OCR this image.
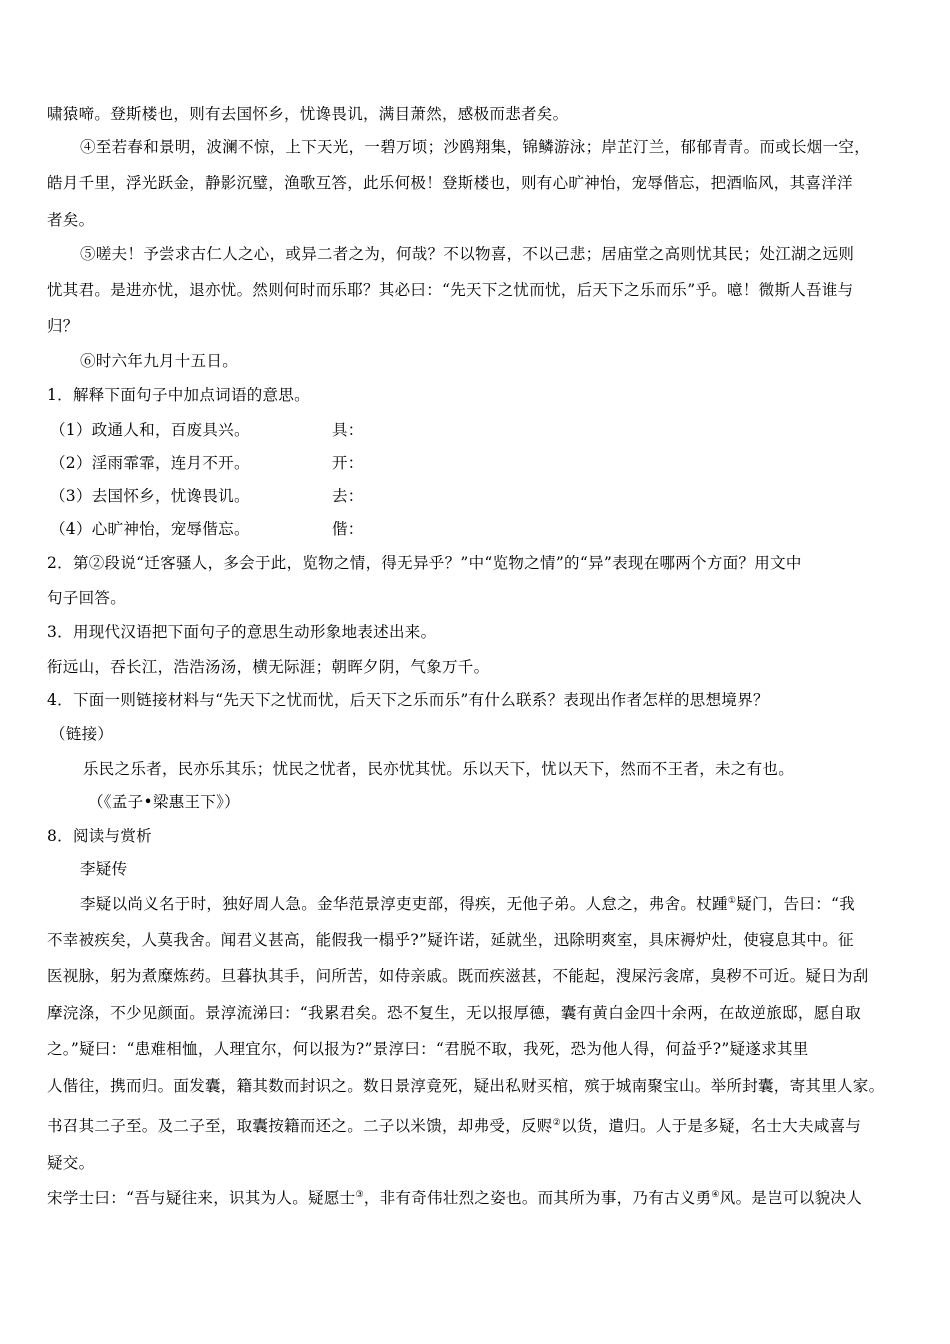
啸猿啼。登斯楼也，则有去国怀乡，忧谗畏讥，满目萧然，感极而悲者矣。
④至若春和景明，波澜不惊，上下天光，一碧万顷；沙鸥翔集，锦鳞游泳；岸芷汀兰，郁郁青青。而或长烟一空，
皓月千里，浮光跃金，静影沉璧，渔歌互答，此乐何极！登斯楼也，则有心旷神怡，宠辱偕忘，把酒临风，其喜洋洋
者矣。
⑤嗟夫！予尝求古仁人之心，或异二者之为，何哉？不以物喜，不以己悲；居庙堂之高则忧其民；处江湖之远则
忧其君。是进亦忧，退亦忧。然则何时而乐耶？其必曰：“先天下之忧而忧，后天下之乐而乐”乎。噫！微斯人吾谁与
归？
⑥时六年九月十五日。
1．解释下面句子中加点词语的意思。
（1）政通人和，百废具兴。	具：
（2）淫雨霏霏，连月不开。	开：
（3）去国怀乡，忧谗畏讥。	去：
（4）心旷神怡，宠辱偕忘。	偕：
2．第②段说“迁客骚人，多会于此，览物之情，得无异乎？”中“览物之情”的“异”表现在哪两个方面？用文中
句子回答。
3．用现代汉语把下面句子的意思生动形象地表述出来。
衔远山，吞长江，浩浩汤汤，横无际涯；朝晖夕阴，气象万千。
4．下面一则链接材料与“先天下之忧而忧，后天下之乐而乐”有什么联系？表现出作者怎样的思想境界？
（链接）
乐民之乐者，民亦乐其乐；忧民之忧者，民亦忧其忧。乐以天下，忧以天下，然而不王者，未之有也。
（《孟子•梁惠王下》）
8．阅读与赏析
李疑传
李疑以尚义名于时，独好周人急。金华范景淳吏吏部，得疾，无他子弟。人怠之，弗舍。杖踵①疑门，告曰：“我
不幸被疾矣，人莫我舍。闻君义甚高，能假我一榻乎?”疑许诺，延就坐，迅除明爽室，具床褥炉灶，使寝息其中。征
医视脉，躬为煮糜炼药。旦暮执其手，问所苦，如侍亲戚。既而疾滋甚，不能起，溲屎污衾席，臭秽不可近。疑日为刮
摩浣涤，不少见颜面。景淳流涕曰：“我累君矣。恐不复生，无以报厚德，囊有黄白金四十余两，在故逆旅邸，愿自取
之。”疑曰：“患难相恤，人理宜尔，何以报为?”景淳曰：“君脱不取，我死，恐为他人得，何益乎?”疑遂求其里
人偕往，携而归。面发囊，籍其数而封识之。数日景淳竟死，疑出私财买棺，殡于城南聚宝山。举所封囊，寄其里人家。
书召其二子至。及二子至，取囊按籍而还之。二子以米馈，却弗受，反赆②以货，遣归。人于是多疑，名士大夫咸喜与
疑交。
宋学士曰：“吾与疑往来，识其为人。疑愿士③，非有奇伟壮烈之姿也。而其所为事，乃有古义勇④风。是岂可以貌决人
